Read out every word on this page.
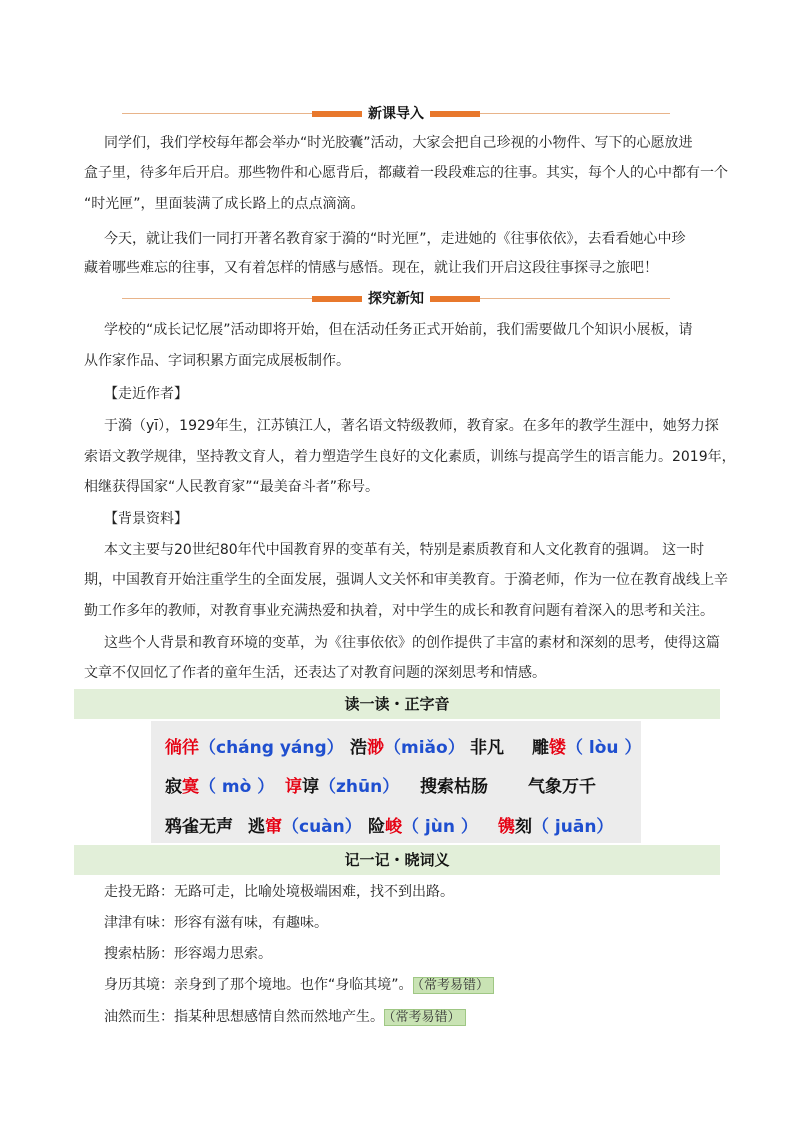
新课导入
同学们，我们学校每年都会举办“时光胶囊”活动，大家会把自己珍视的小物件、写下的心愿放进
盒子里，待多年后开启。那些物件和心愿背后，都藏着一段段难忘的往事。其实，每个人的心中都有一个
“时光匣”，里面装满了成长路上的点点滴滴。
今天，就让我们一同打开著名教育家于漪的“时光匣”，走进她的《往事依依》，去看看她心中珍
藏着哪些难忘的往事，又有着怎样的情感与感悟。现在，就让我们开启这段往事探寻之旅吧！
探究新知
学校的“成长记忆展”活动即将开始，但在活动任务正式开始前，我们需要做几个知识小展板，请
从作家作品、字词积累方面完成展板制作。
【走近作者】
于漪（yī），1929年生，江苏镇江人，著名语文特级教师，教育家。在多年的教学生涯中，她努力探
索语文教学规律，坚持教文育人，着力塑造学生良好的文化素质，训练与提高学生的语言能力。2019年，
相继获得国家“人民教育家”“最美奋斗者”称号。
【背景资料】
本文主要与20世纪80年代中国教育界的变革有关，特别是素质教育和人文化教育的强调。 这一时
期，中国教育开始注重学生的全面发展，强调人文关怀和审美教育。于漪老师，作为一位在教育战线上辛
勤工作多年的教师，对教育事业充满热爱和执着，对中学生的成长和教育问题有着深入的思考和关注。
这些个人背景和教育环境的变革，为《往事依依》的创作提供了丰富的素材和深刻的思考，使得这篇
文章不仅回忆了作者的童年生活，还表达了对教育问题的深刻思考和情感。
读一读・正字音
徜徉（cháng yáng） 浩渺（miǎo） 非凡 雕镂（ lòu ）
寂寞（ mò ） 谆谆（zhūn） 搜索枯肠 气象万千
鸦雀无声 逃窜（cuàn） 险峻（ jùn ） 镌刻（ juān）
记一记・晓词义
走投无路：无路可走，比喻处境极端困难，找不到出路。
津津有味：形容有滋有味，有趣味。
搜索枯肠：形容竭力思索。
身历其境：亲身到了那个境地。也作“身临其境”。 （常考易错）
油然而生：指某种思想感情自然而然地产生。 （常考易错）
